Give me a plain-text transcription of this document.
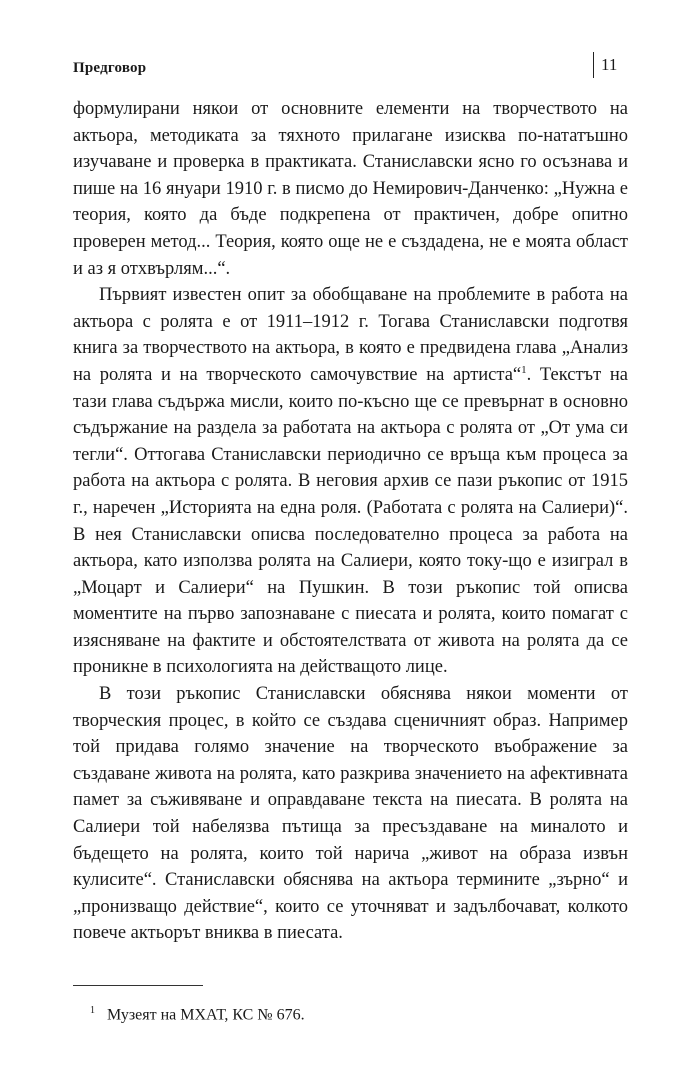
Предговор	11

формулирани някои от основните елементи на творчеството на актьора, методиката за тяхното прилагане изисква по-нататъшно изучаване и проверка в практиката. Станиславски ясно го осъзнава и пише на 16 януари 1910 г. в писмо до Немирович-Данченко: „Нужна е теория, която да бъде подкрепена от практичен, добре опитно проверен метод... Теория, която още не е създадена, не е моята област и аз я отхвърлям...“.

Първият известен опит за обобщаване на проблемите в работа на актьора с ролята е от 1911–1912 г. Тогава Станиславски подготвя книга за творчеството на актьора, в която е предвидена глава „Анализ на ролята и на творческото самочувствие на артиста“$^1$. Текстът на тази глава съдържа мисли, които по-късно ще се превърнат в основно съдържание на раздела за работата на актьора с ролята от „От ума си тегли“. Оттогава Станиславски периодично се връща към процеса за работа на актьора с ролята. В неговия архив се пази ръкопис от 1915 г., наречен „Историята на една роля. (Работата с ролята на Салиери)“. В нея Станиславски описва последователно процеса за работа на актьора, като използва ролята на Салиери, която току-що е изиграл в „Моцарт и Салиери“ на Пушкин. В този ръкопис той описва моментите на първо запознаване с пиесата и ролята, които помагат с изясняване на фактите и обстоятелствата от живота на ролята да се проникне в психологията на действащото лице.

В този ръкопис Станиславски обяснява някои моменти от творческия процес, в който се създава сценичният образ. Например той придава голямо значение на творческото въображение за създаване живота на ролята, като разкрива значението на афективната памет за съживяване и оправдаване текста на пиесата. В ролята на Салиери той набелязва пътища за пресъздаване на миналото и бъдещето на ролята, които той нарича „живот на образа извън кулисите“. Станиславски обяснява на актьора термините „зърно“ и „пронизващо действие“, които се уточняват и задълбочават, колкото повече актьорът вниква в пиесата.

$^1$ Музеят на МХАТ, КС № 676.
